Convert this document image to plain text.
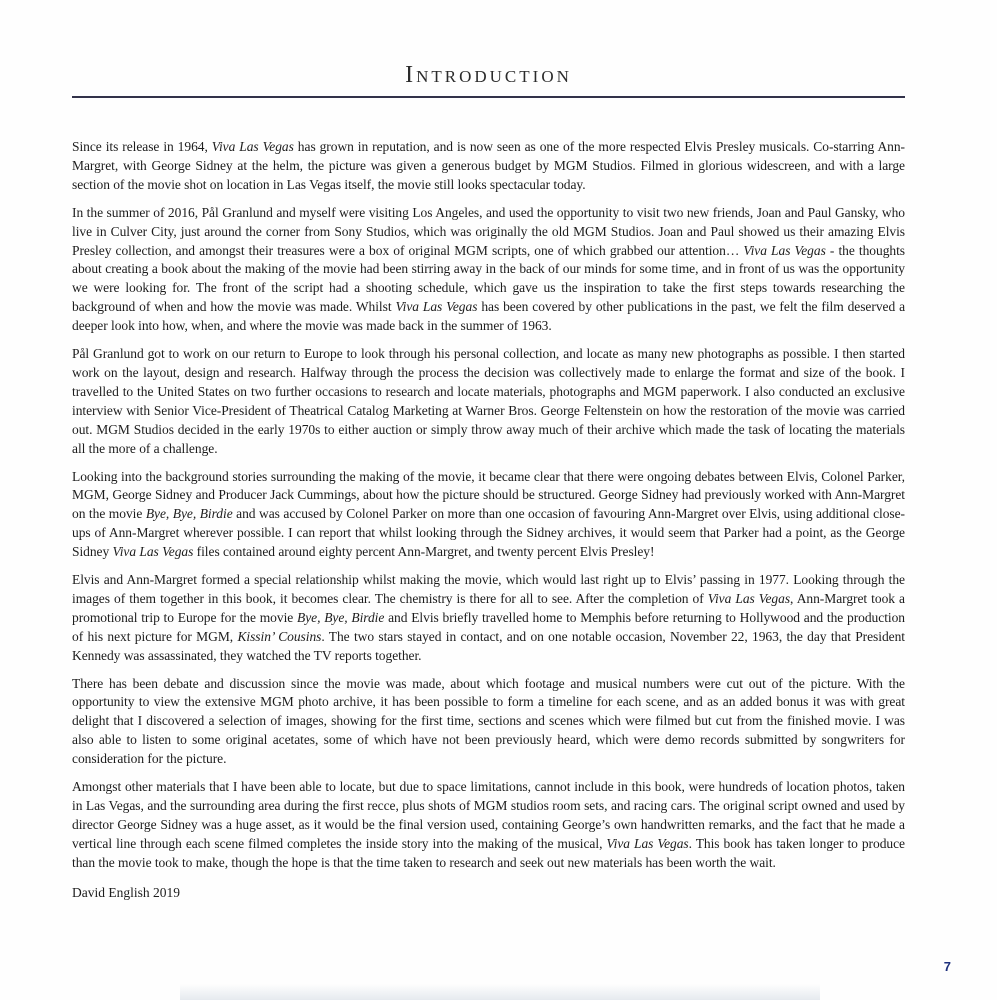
Introduction

Since its release in 1964, Viva Las Vegas has grown in reputation, and is now seen as one of the more respected Elvis Presley musicals. Co-starring Ann-Margret, with George Sidney at the helm, the picture was given a generous budget by MGM Studios. Filmed in glorious widescreen, and with a large section of the movie shot on location in Las Vegas itself, the movie still looks spectacular today.

In the summer of 2016, Pål Granlund and myself were visiting Los Angeles, and used the opportunity to visit two new friends, Joan and Paul Gansky, who live in Culver City, just around the corner from Sony Studios, which was originally the old MGM Studios. Joan and Paul showed us their amazing Elvis Presley collection, and amongst their treasures were a box of original MGM scripts, one of which grabbed our attention… Viva Las Vegas - the thoughts about creating a book about the making of the movie had been stirring away in the back of our minds for some time, and in front of us was the opportunity we were looking for. The front of the script had a shooting schedule, which gave us the inspiration to take the first steps towards researching the background of when and how the movie was made. Whilst Viva Las Vegas has been covered by other publications in the past, we felt the film deserved a deeper look into how, when, and where the movie was made back in the summer of 1963.

Pål Granlund got to work on our return to Europe to look through his personal collection, and locate as many new photographs as possible. I then started work on the layout, design and research. Halfway through the process the decision was collectively made to enlarge the format and size of the book. I travelled to the United States on two further occasions to research and locate materials, photographs and MGM paperwork. I also conducted an exclusive interview with Senior Vice-President of Theatrical Catalog Marketing at Warner Bros. George Feltenstein on how the restoration of the movie was carried out. MGM Studios decided in the early 1970s to either auction or simply throw away much of their archive which made the task of locating the materials all the more of a challenge.

Looking into the background stories surrounding the making of the movie, it became clear that there were ongoing debates between Elvis, Colonel Parker, MGM, George Sidney and Producer Jack Cummings, about how the picture should be structured. George Sidney had previously worked with Ann-Margret on the movie Bye, Bye, Birdie and was accused by Colonel Parker on more than one occasion of favouring Ann-Margret over Elvis, using additional close-ups of Ann-Margret wherever possible. I can report that whilst looking through the Sidney archives, it would seem that Parker had a point, as the George Sidney Viva Las Vegas files contained around eighty percent Ann-Margret, and twenty percent Elvis Presley!

Elvis and Ann-Margret formed a special relationship whilst making the movie, which would last right up to Elvis’ passing in 1977. Looking through the images of them together in this book, it becomes clear. The chemistry is there for all to see. After the completion of Viva Las Vegas, Ann-Margret took a promotional trip to Europe for the movie Bye, Bye, Birdie and Elvis briefly travelled home to Memphis before returning to Hollywood and the production of his next picture for MGM, Kissin’ Cousins. The two stars stayed in contact, and on one notable occasion, November 22, 1963, the day that President Kennedy was assassinated, they watched the TV reports together.

There has been debate and discussion since the movie was made, about which footage and musical numbers were cut out of the picture. With the opportunity to view the extensive MGM photo archive, it has been possible to form a timeline for each scene, and as an added bonus it was with great delight that I discovered a selection of images, showing for the first time, sections and scenes which were filmed but cut from the finished movie. I was also able to listen to some original acetates, some of which have not been previously heard, which were demo records submitted by songwriters for consideration for the picture.

Amongst other materials that I have been able to locate, but due to space limitations, cannot include in this book, were hundreds of location photos, taken in Las Vegas, and the surrounding area during the first recce, plus shots of MGM studios room sets, and racing cars. The original script owned and used by director George Sidney was a huge asset, as it would be the final version used, containing George’s own handwritten remarks, and the fact that he made a vertical line through each scene filmed completes the inside story into the making of the musical, Viva Las Vegas. This book has taken longer to produce than the movie took to make, though the hope is that the time taken to research and seek out new materials has been worth the wait.

David English 2019
7
